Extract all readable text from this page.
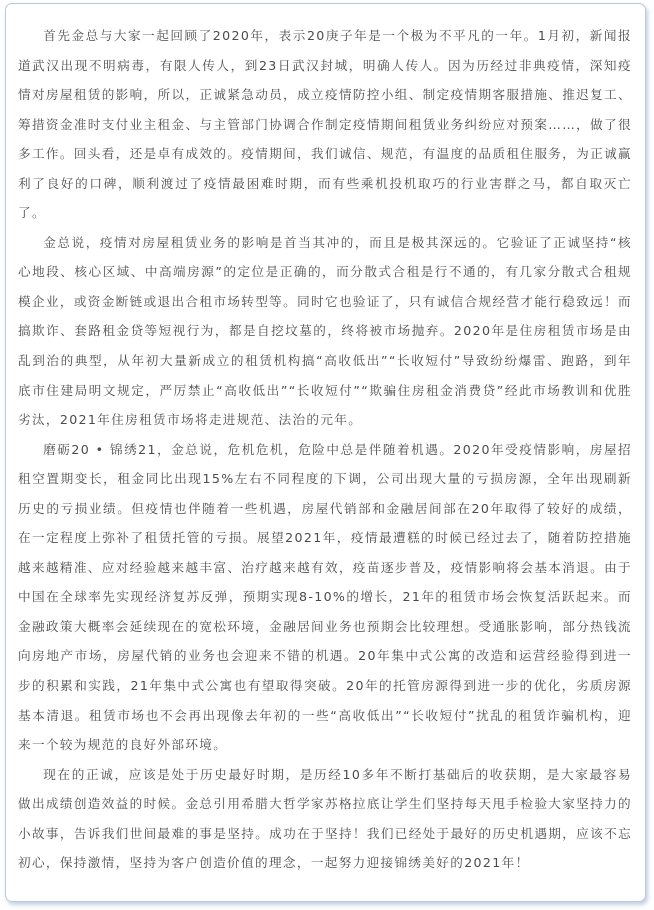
首先金总与大家一起回顾了2020年，表示20庚子年是一个极为不平凡的一年。1月初，新闻报道武汉出现不明病毒，有限人传人，到23日武汉封城，明确人传人。因为历经过非典疫情，深知疫情对房屋租赁的影响，所以，正诚紧急动员，成立疫情防控小组、制定疫情期客服措施、推迟复工、筹措资金准时支付业主租金、与主管部门协调合作制定疫情期间租赁业务纠纷应对预案……，做了很多工作。回头看，还是卓有成效的。疫情期间，我们诚信、规范，有温度的品质租住服务，为正诚赢利了良好的口碑，顺利渡过了疫情最困难时期，而有些乘机投机取巧的行业害群之马，都自取灭亡了。

金总说，疫情对房屋租赁业务的影响是首当其冲的，而且是极其深远的。它验证了正诚坚持“核心地段、核心区域、中高端房源”的定位是正确的，而分散式合租是行不通的，有几家分散式合租规模企业，或资金断链或退出合租市场转型等。同时它也验证了，只有诚信合规经营才能行稳致远！而搞欺诈、套路租金贷等短视行为，都是自挖坟墓的，终将被市场抛弃。2020年是住房租赁市场是由乱到治的典型，从年初大量新成立的租赁机构搞“高收低出”“长收短付”导致纷纷爆雷、跑路，到年底市住建局明文规定，严厉禁止“高收低出”“长收短付”“欺骗住房租金消费贷”经此市场教训和优胜劣汰，2021年住房租赁市场将走进规范、法治的元年。

磨砺20 • 锦绣21，金总说，危机危机，危险中总是伴随着机遇。2020年受疫情影响，房屋招租空置期变长，租金同比出现15%左右不同程度的下调，公司出现大量的亏损房源，全年出现刷新历史的亏损业绩。但疫情也伴随着一些机遇，房屋代销部和金融居间部在20年取得了较好的成绩，在一定程度上弥补了租赁托管的亏损。展望2021年，疫情最遭糕的时候已经过去了，随着防控措施越来越精准、应对经验越来越丰富、治疗越来越有效，疫苗逐步普及，疫情影响将会基本消退。由于中国在全球率先实现经济复苏反弹，预期实现8-10%的增长，21年的租赁市场会恢复活跃起来。而金融政策大概率会延续现在的宽松环境，金融居间业务也预期会比较理想。受通胀影响，部分热钱流向房地产市场，房屋代销的业务也会迎来不错的机遇。20年集中式公寓的改造和运营经验得到进一步的积累和实践，21年集中式公寓也有望取得突破。20年的托管房源得到进一步的优化，劣质房源基本清退。租赁市场也不会再出现像去年初的一些“高收低出”“长收短付”扰乱的租赁诈骗机构，迎来一个较为规范的良好外部环境。

现在的正诚，应该是处于历史最好时期，是历经10多年不断打基础后的收获期，是大家最容易做出成绩创造效益的时候。金总引用希腊大哲学家苏格拉底让学生们坚持每天甩手检验大家坚持力的小故事，告诉我们世间最难的事是坚持。成功在于坚持！我们已经处于最好的历史机遇期，应该不忘初心，保持激情，坚持为客户创造价值的理念，一起努力迎接锦绣美好的2021年！
